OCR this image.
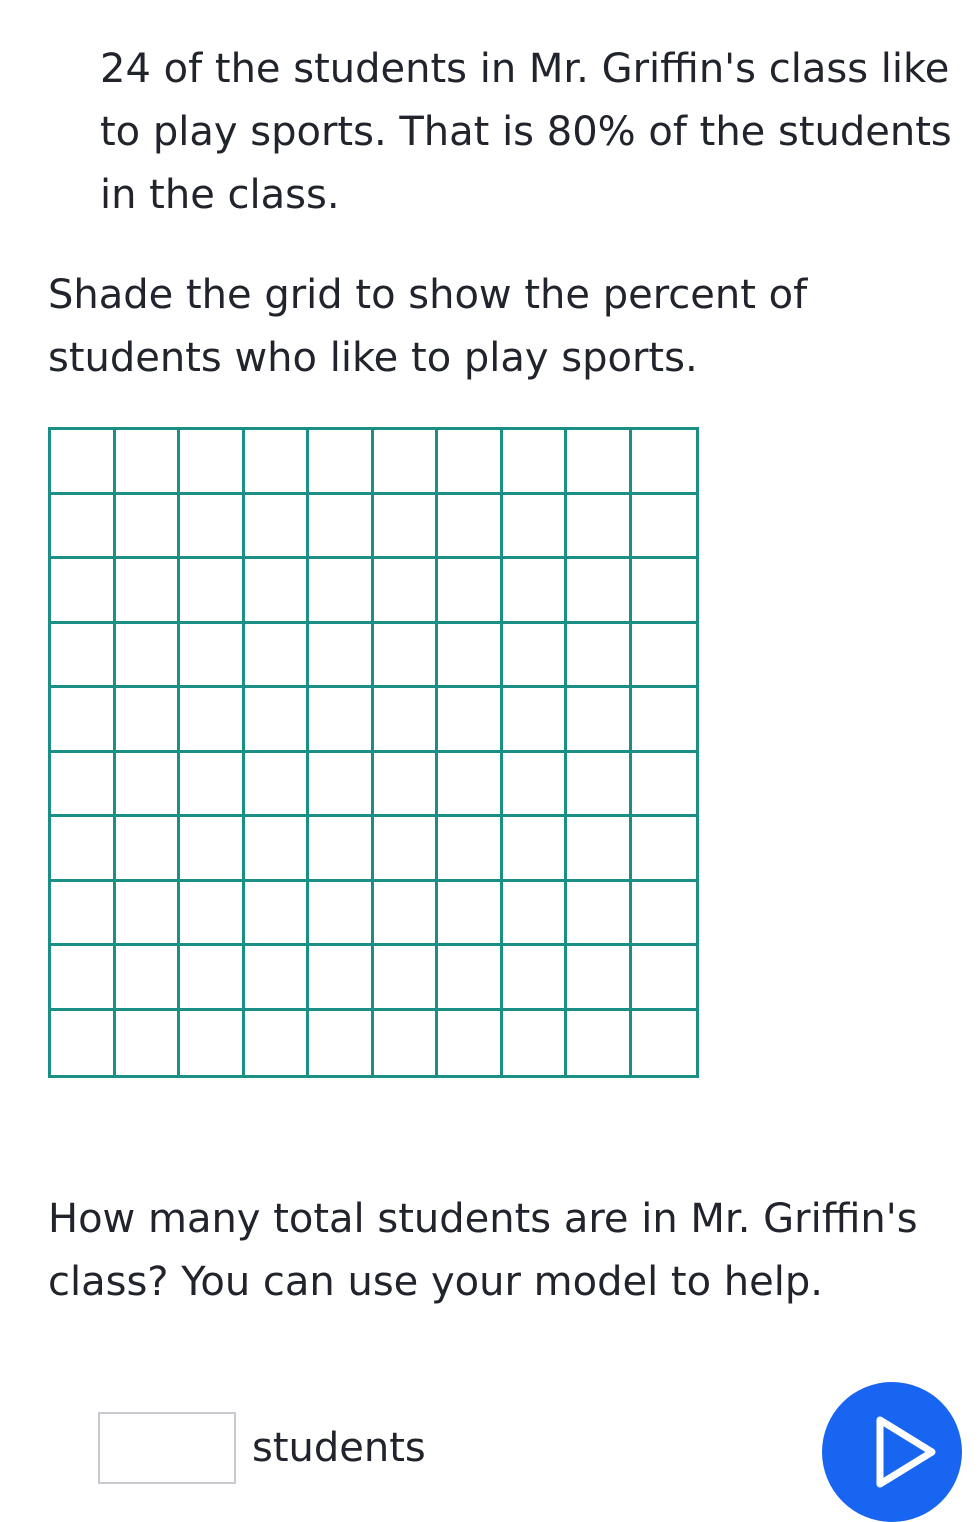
24 of the students in Mr. Griffin's class like to play sports. That is 80% of the students in the class.

Shade the grid to show the percent of students who like to play sports.

How many total students are in Mr. Griffin's class? You can use your model to help.

students
